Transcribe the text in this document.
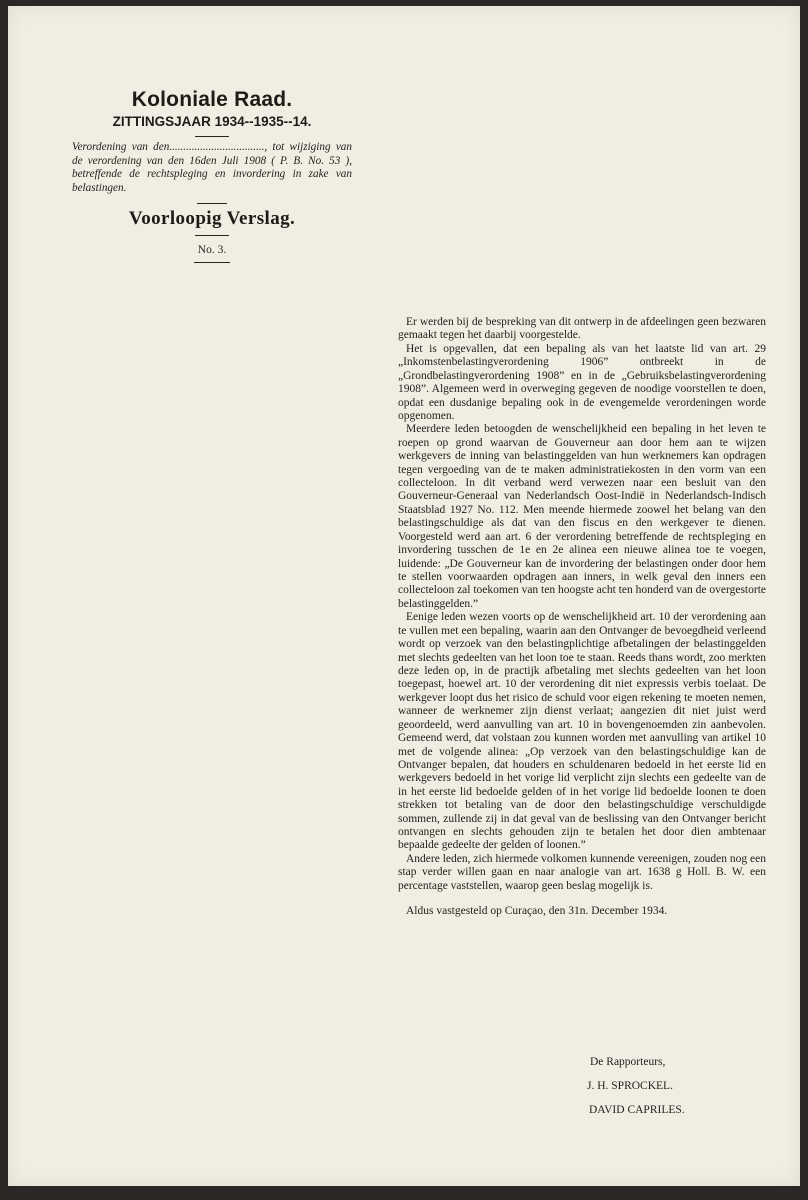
Koloniale Raad.
ZITTINGSJAAR 1934--1935--14.

Verordening van den.................................., tot wijziging van de verordening van den 16den Juli 1908 ( P. B. No. 53 ), betreffende de rechtspleging en invordering in zake van belastingen.

Voorloopig Verslag.
No. 3.

Er werden bij de bespreking van dit ontwerp in de afdeelingen geen bezwaren gemaakt tegen het daarbij voorgestelde.

Het is opgevallen, dat een bepaling als van het laatste lid van art. 29 „Inkomstenbelastingverordening 1906” ontbreekt in de „Grondbelastingverordening 1908” en in de „Gebruiksbelastingverordening 1908”. Algemeen werd in overweging gegeven de noodige voorstellen te doen, opdat een dusdanige bepaling ook in de evengemelde verordeningen worde opgenomen.

Meerdere leden betoogden de wenschelijkheid een bepaling in het leven te roepen op grond waarvan de Gouverneur aan door hem aan te wijzen werkgevers de inning van belastinggelden van hun werknemers kan opdragen tegen vergoeding van de te maken administratiekosten in den vorm van een collecteloon. In dit verband werd verwezen naar een besluit van den Gouverneur-Generaal van Nederlandsch Oost-Indië in Nederlandsch-Indisch Staatsblad 1927 No. 112. Men meende hiermede zoowel het belang van den belastingschuldige als dat van den fiscus en den werkgever te dienen. Voorgesteld werd aan art. 6 der verordening betreffende de rechtspleging en invordering tusschen de 1e en 2e alinea een nieuwe alinea toe te voegen, luidende: „De Gouverneur kan de invordering der belastingen onder door hem te stellen voorwaarden opdragen aan inners, in welk geval den inners een collecteloon zal toekomen van ten hoogste acht ten honderd van de overgestorte belastinggelden.”

Eenige leden wezen voorts op de wenschelijkheid art. 10 der verordening aan te vullen met een bepaling, waarin aan den Ontvanger de bevoegdheid verleend wordt op verzoek van den belastingplichtige afbetalingen der belastinggelden met slechts gedeelten van het loon toe te staan. Reeds thans wordt, zoo merkten deze leden op, in de practijk afbetaling met slechts gedeelten van het loon toegepast, hoewel art. 10 der verordening dit niet expressis verbis toelaat. De werkgever loopt dus het risico de schuld voor eigen rekening te moeten nemen, wanneer de werknemer zijn dienst verlaat; aangezien dit niet juist werd geoordeeld, werd aanvulling van art. 10 in bovengenoemden zin aanbevolen. Gemeend werd, dat volstaan zou kunnen worden met aanvulling van artikel 10 met de volgende alinea: „Op verzoek van den belastingschuldige kan de Ontvanger bepalen, dat houders en schuldenaren bedoeld in het eerste lid en werkgevers bedoeld in het vorige lid verplicht zijn slechts een gedeelte van de in het eerste lid bedoelde gelden of in het vorige lid bedoelde loonen te doen strekken tot betaling van de door den belastingschuldige verschuldigde sommen, zullende zij in dat geval van de beslissing van den Ontvanger bericht ontvangen en slechts gehouden zijn te betalen het door dien ambtenaar bepaalde gedeelte der gelden of loonen.”

Andere leden, zich hiermede volkomen kunnende vereenigen, zouden nog een stap verder willen gaan en naar analogie van art. 1638 g Holl. B. W. een percentage vaststellen, waarop geen beslag mogelijk is.

Aldus vastgesteld op Curaçao, den 31n. December 1934.

De Rapporteurs,
J. H. SPROCKEL.
DAVID CAPRILES.
